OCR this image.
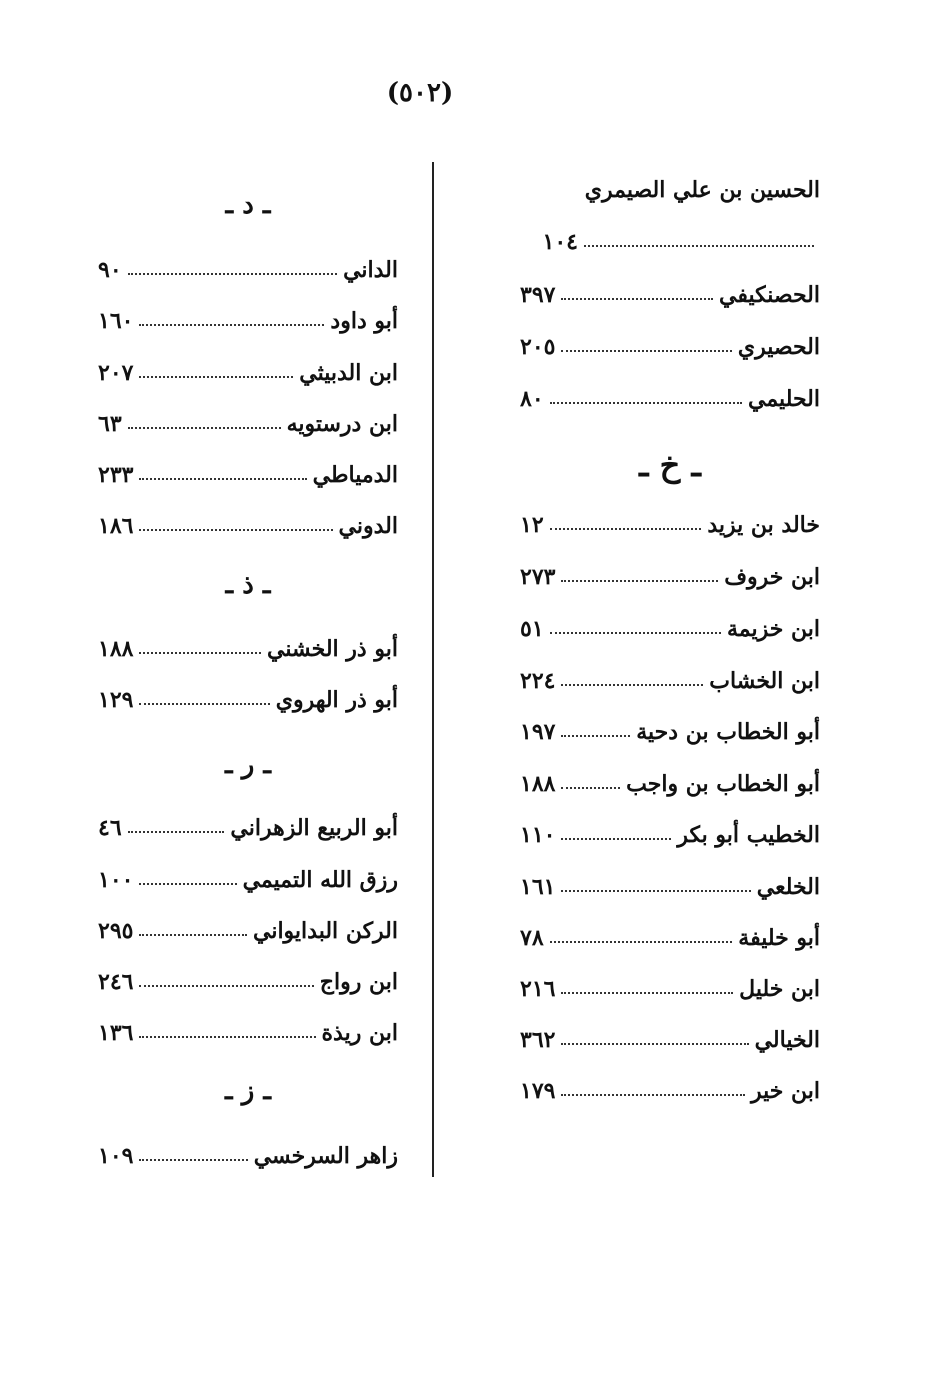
(٥٠٢)
الحسين بن علي الصيمري
١٠٤
الحصنكيفي
٣٩٧
الحصيري
٢٠٥
الحليمي
٨٠
ـ خ ـ
خالد بن يزيد
١٢
ابن خروف
٢٧٣
ابن خزيمة
٥١
ابن الخشاب
٢٢٤
أبو الخطاب بن دحية
١٩٧
أبو الخطاب بن واجب
١٨٨
الخطيب أبو بكر
١١٠
الخلعي
١٦١
أبو خليفة
٧٨
ابن خليل
٢١٦
الخيالي
٣٦٢
ابن خير
١٧٩
ـ د ـ
الداني
٩٠
أبو داود
١٦٠
ابن الدبيثي
٢٠٧
ابن درستويه
٦٣
الدمياطي
٢٣٣
الدوني
١٨٦
ـ ذ ـ
أبو ذر الخشني
١٨٨
أبو ذر الهروي
١٢٩
ـ ر ـ
أبو الربيع الزهراني
٤٦
رزق الله التميمي
١٠٠
الركن البدايواني
٢٩٥
ابن رواج
٢٤٦
ابن ريذة
١٣٦
ـ ز ـ
زاهر السرخسي
١٠٩
